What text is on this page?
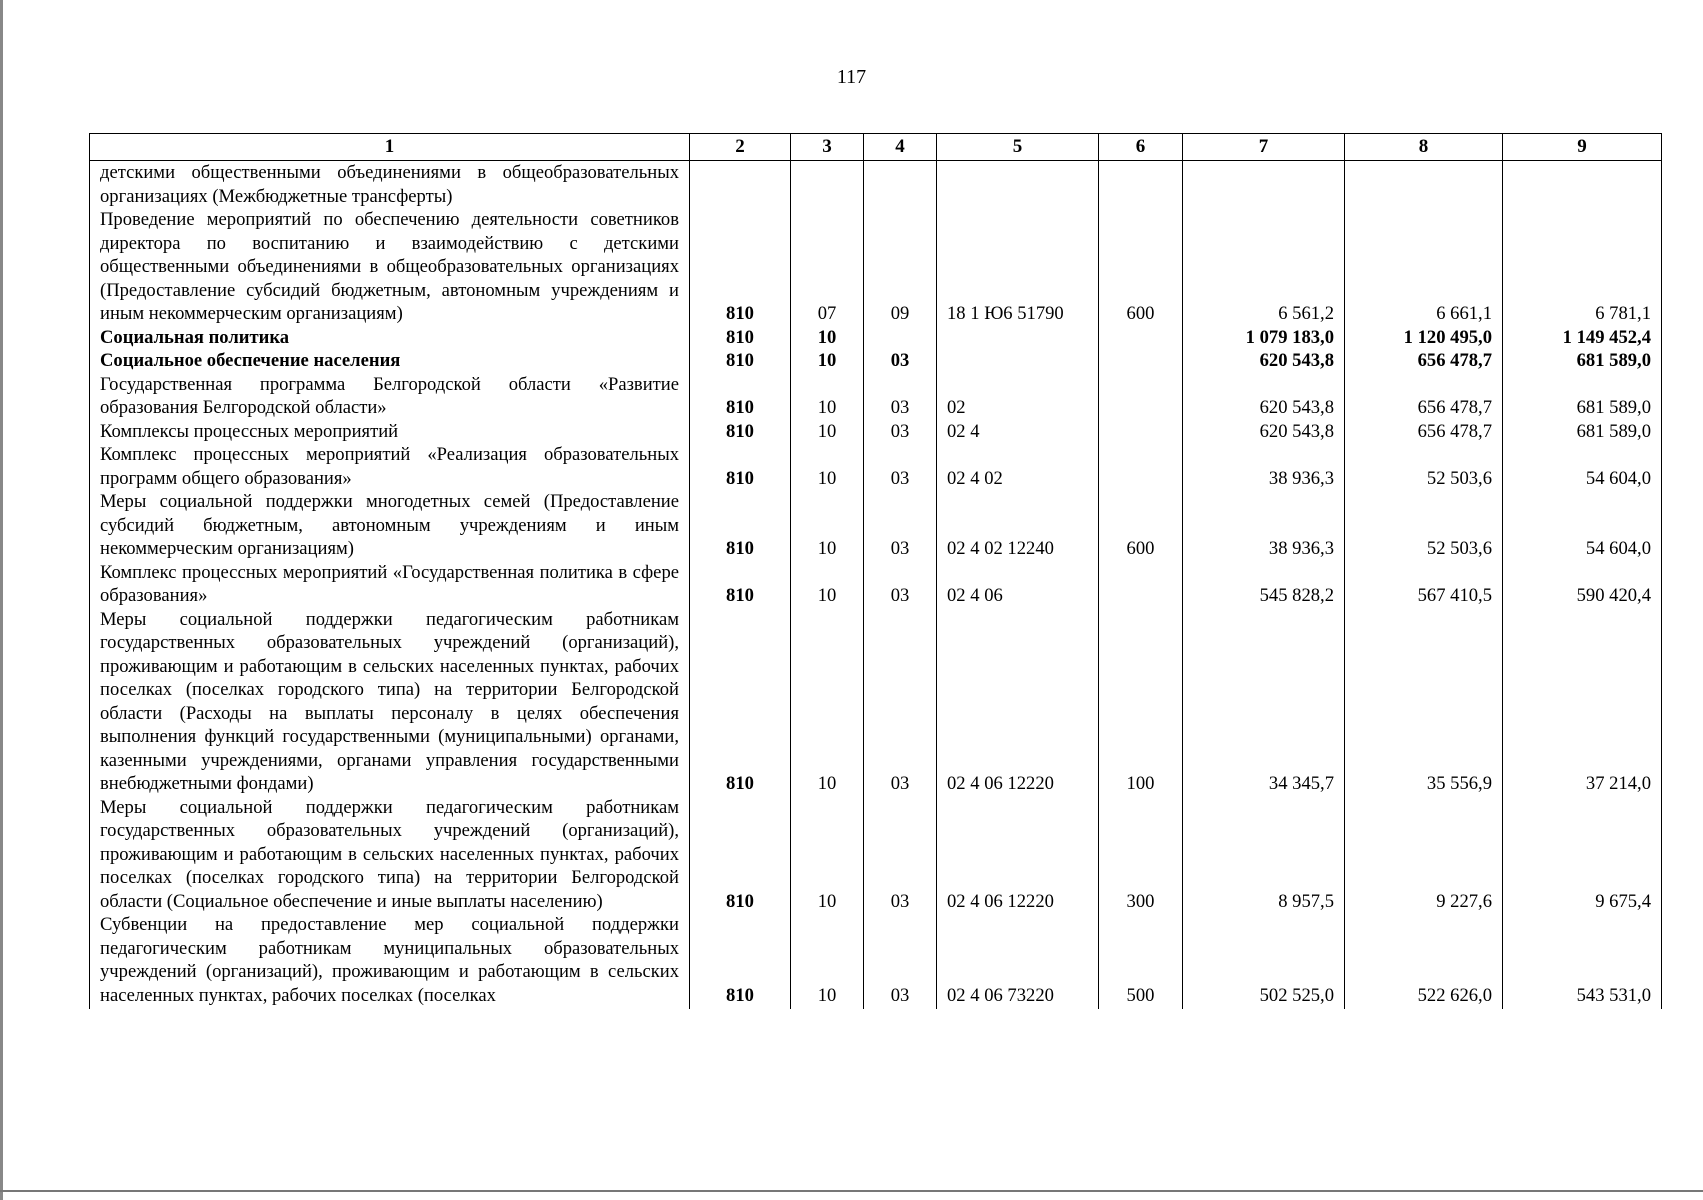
117
1	2	3	4	5	6	7	8	9
детскими общественными объединениями в общеобразовательных организациях (Межбюджетные трансферты)								
Проведение мероприятий по обеспечению деятельности советников директора по воспитанию и взаимодействию с детскими общественными объединениями в общеобразовательных организациях (Предоставление субсидий бюджетным, автономным учреждениям и иным некоммерческим организациям)	810	07	09	18 1 Ю6 51790	600	6 561,2	6 661,1	6 781,1
Социальная политика	810	10				1 079 183,0	1 120 495,0	1 149 452,4
Социальное обеспечение населения	810	10	03			620 543,8	656 478,7	681 589,0
Государственная программа Белгородской области «Развитие образования Белгородской области»	810	10	03	02		620 543,8	656 478,7	681 589,0
Комплексы процессных мероприятий	810	10	03	02 4		620 543,8	656 478,7	681 589,0
Комплекс процессных мероприятий «Реализация образовательных программ общего образования»	810	10	03	02 4 02		38 936,3	52 503,6	54 604,0
Меры социальной поддержки многодетных семей (Предоставление субсидий бюджетным, автономным учреждениям и иным некоммерческим организациям)	810	10	03	02 4 02 12240	600	38 936,3	52 503,6	54 604,0
Комплекс процессных мероприятий «Государственная политика в сфере образования»	810	10	03	02 4 06		545 828,2	567 410,5	590 420,4
Меры социальной поддержки педагогическим работникам государственных образовательных учреждений (организаций), проживающим и работающим в сельских населенных пунктах, рабочих поселках (поселках городского типа) на территории Белгородской области (Расходы на выплаты персоналу в целях обеспечения выполнения функций государственными (муниципальными) органами, казенными учреждениями, органами управления государственными внебюджетными фондами)	810	10	03	02 4 06 12220	100	34 345,7	35 556,9	37 214,0
Меры социальной поддержки педагогическим работникам государственных образовательных учреждений (организаций), проживающим и работающим в сельских населенных пунктах, рабочих поселках (поселках городского типа) на территории Белгородской области (Социальное обеспечение и иные выплаты населению)	810	10	03	02 4 06 12220	300	8 957,5	9 227,6	9 675,4
Субвенции на предоставление мер социальной поддержки педагогическим работникам муниципальных образовательных учреждений (организаций), проживающим и работающим в сельских населенных пунктах, рабочих поселках (поселках	810	10	03	02 4 06 73220	500	502 525,0	522 626,0	543 531,0
